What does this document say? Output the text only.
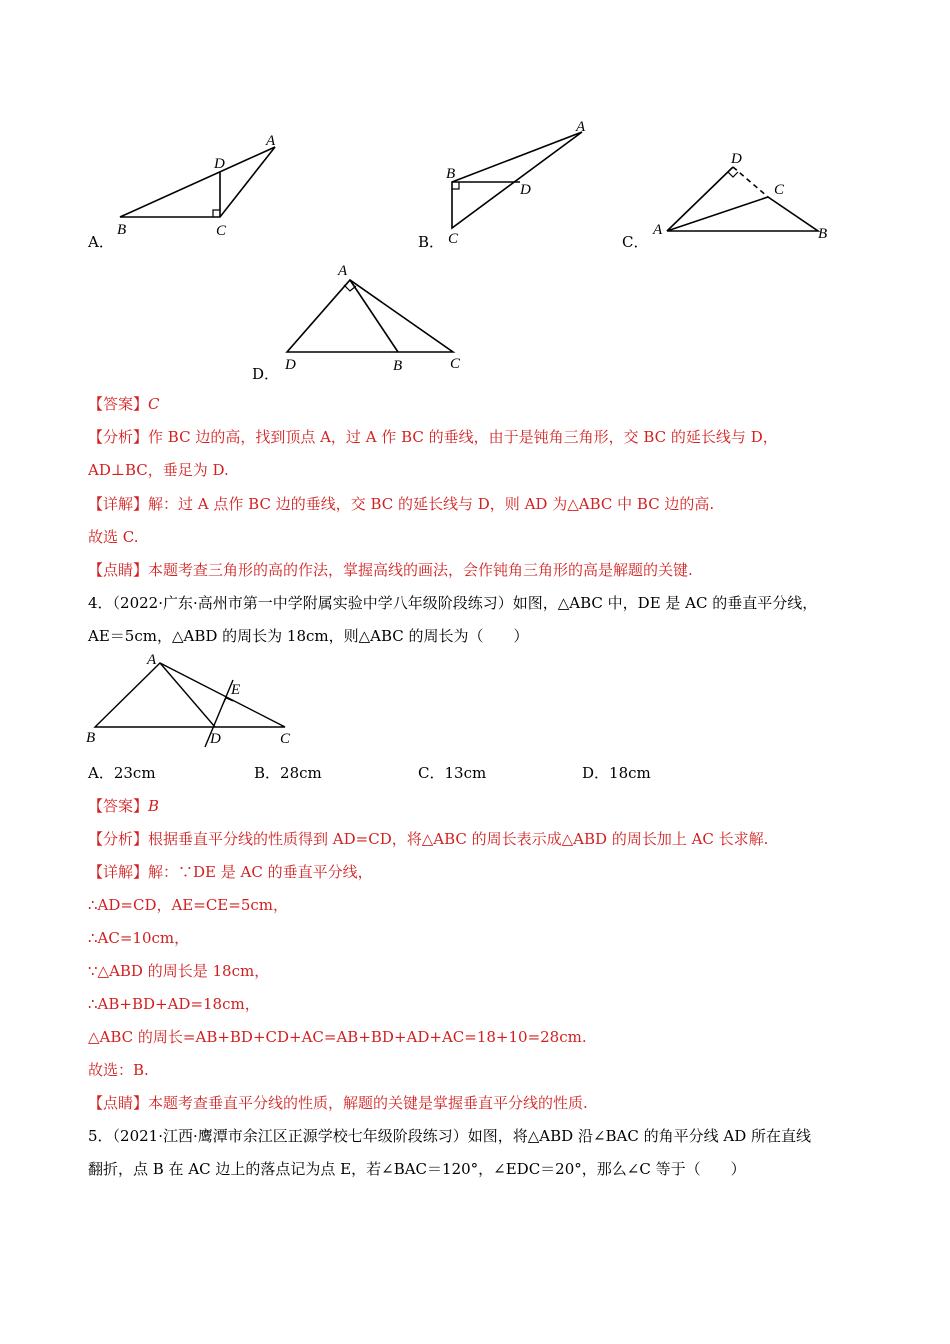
A
D
B	C
A
B
D
C
D
C
A	B
A
D	B	C
A．	B．	C．
D．
【答案】C
【分析】作 BC 边的高，找到顶点 A，过 A 作 BC 的垂线，由于是钝角三角形，交 BC 的延长线与 D，
AD⊥BC，垂足为 D.
【详解】解：过 A 点作 BC 边的垂线，交 BC 的延长线与 D，则 AD 为△ABC 中 BC 边的高.
故选 C.
【点睛】本题考查三角形的高的作法，掌握高线的画法，会作钝角三角形的高是解题的关键.
4．（2022·广东·高州市第一中学附属实验中学八年级阶段练习）如图，△ABC 中，DE 是 AC 的垂直平分线，
AE＝5cm，△ABD 的周长为 18cm，则△ABC 的周长为（　　）
A
E
B	D	C
A．23cm	B．28cm	C．13cm	D．18cm
【答案】B
【分析】根据垂直平分线的性质得到 AD=CD，将△ABC 的周长表示成△ABD 的周长加上 AC 长求解.
【详解】解：∵DE 是 AC 的垂直平分线，
∴AD=CD，AE=CE=5cm，
∴AC=10cm，
∵△ABD 的周长是 18cm，
∴AB+BD+AD=18cm，
△ABC 的周长=AB+BD+CD+AC=AB+BD+AD+AC=18+10=28cm.
故选：B.
【点睛】本题考查垂直平分线的性质，解题的关键是掌握垂直平分线的性质.
5．（2021·江西·鹰潭市余江区正源学校七年级阶段练习）如图，将△ABD 沿∠BAC 的角平分线 AD 所在直线
翻折，点 B 在 AC 边上的落点记为点 E，若∠BAC＝120°，∠EDC＝20°，那么∠C 等于（　　）
